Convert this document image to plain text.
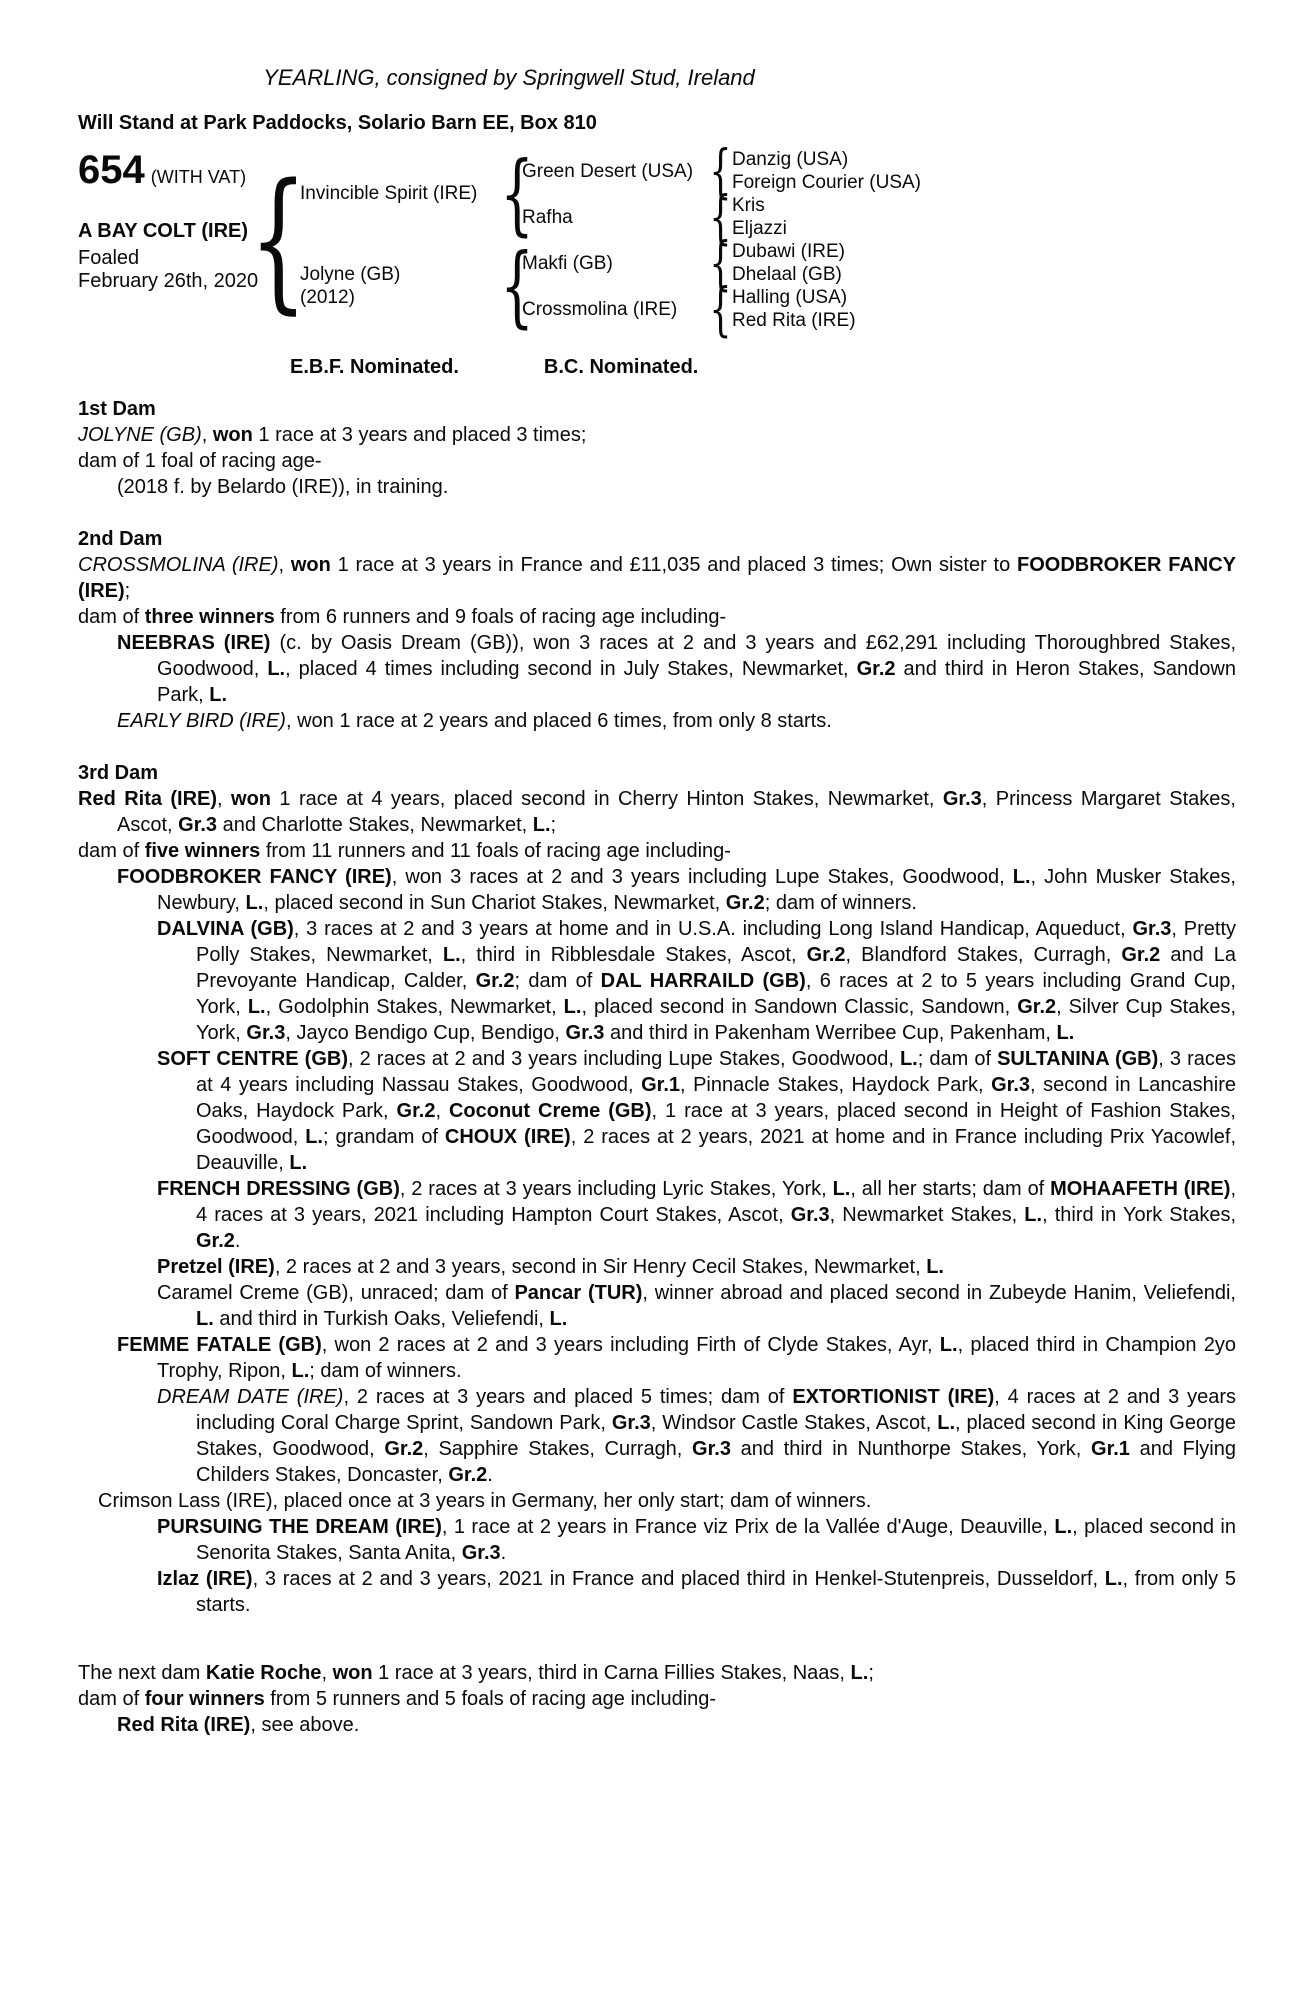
YEARLING, consigned by Springwell Stud, Ireland
Will Stand at Park Paddocks, Solario Barn EE, Box 810
654 (WITH VAT)
A BAY COLT (IRE)
Foaled
February 26th, 2020
{
{
{
{
{
{
{
Invincible Spirit (IRE)
Jolyne (GB)
(2012)
Green Desert (USA)
Rafha
Makfi (GB)
Crossmolina (IRE)
Danzig (USA)
Foreign Courier (USA)
Kris
Eljazzi
Dubawi (IRE)
Dhelaal (GB)
Halling (USA)
Red Rita (IRE)
E.B.F. Nominated.	B.C. Nominated.
1st Dam

JOLYNE (GB), won 1 race at 3 years and placed 3 times;

dam of 1 foal of racing age-

(2018 f. by Belardo (IRE)), in training.

2nd Dam

CROSSMOLINA (IRE), won 1 race at 3 years in France and £11,035 and placed 3 times; Own sister to FOODBROKER FANCY (IRE);

dam of three winners from 6 runners and 9 foals of racing age including-

NEEBRAS (IRE) (c. by Oasis Dream (GB)), won 3 races at 2 and 3 years and £62,291 including Thoroughbred Stakes, Goodwood, L., placed 4 times including second in July Stakes, Newmarket, Gr.2 and third in Heron Stakes, Sandown Park, L.

EARLY BIRD (IRE), won 1 race at 2 years and placed 6 times, from only 8 starts.

3rd Dam

Red Rita (IRE), won 1 race at 4 years, placed second in Cherry Hinton Stakes, Newmarket, Gr.3, Princess Margaret Stakes, Ascot, Gr.3 and Charlotte Stakes, Newmarket, L.;

dam of five winners from 11 runners and 11 foals of racing age including-

FOODBROKER FANCY (IRE), won 3 races at 2 and 3 years including Lupe Stakes, Goodwood, L., John Musker Stakes, Newbury, L., placed second in Sun Chariot Stakes, Newmarket, Gr.2; dam of winners.

DALVINA (GB), 3 races at 2 and 3 years at home and in U.S.A. including Long Island Handicap, Aqueduct, Gr.3, Pretty Polly Stakes, Newmarket, L., third in Ribblesdale Stakes, Ascot, Gr.2, Blandford Stakes, Curragh, Gr.2 and La Prevoyante Handicap, Calder, Gr.2; dam of DAL HARRAILD (GB), 6 races at 2 to 5 years including Grand Cup, York, L., Godolphin Stakes, Newmarket, L., placed second in Sandown Classic, Sandown, Gr.2, Silver Cup Stakes, York, Gr.3, Jayco Bendigo Cup, Bendigo, Gr.3 and third in Pakenham Werribee Cup, Pakenham, L.

SOFT CENTRE (GB), 2 races at 2 and 3 years including Lupe Stakes, Goodwood, L.; dam of SULTANINA (GB), 3 races at 4 years including Nassau Stakes, Goodwood, Gr.1, Pinnacle Stakes, Haydock Park, Gr.3, second in Lancashire Oaks, Haydock Park, Gr.2, Coconut Creme (GB), 1 race at 3 years, placed second in Height of Fashion Stakes, Goodwood, L.; grandam of CHOUX (IRE), 2 races at 2 years, 2021 at home and in France including Prix Yacowlef, Deauville, L.

FRENCH DRESSING (GB), 2 races at 3 years including Lyric Stakes, York, L., all her starts; dam of MOHAAFETH (IRE), 4 races at 3 years, 2021 including Hampton Court Stakes, Ascot, Gr.3, Newmarket Stakes, L., third in York Stakes, Gr.2.

Pretzel (IRE), 2 races at 2 and 3 years, second in Sir Henry Cecil Stakes, Newmarket, L.

Caramel Creme (GB), unraced; dam of Pancar (TUR), winner abroad and placed second in Zubeyde Hanim, Veliefendi, L. and third in Turkish Oaks, Veliefendi, L.

FEMME FATALE (GB), won 2 races at 2 and 3 years including Firth of Clyde Stakes, Ayr, L., placed third in Champion 2yo Trophy, Ripon, L.; dam of winners.

DREAM DATE (IRE), 2 races at 3 years and placed 5 times; dam of EXTORTIONIST (IRE), 4 races at 2 and 3 years including Coral Charge Sprint, Sandown Park, Gr.3, Windsor Castle Stakes, Ascot, L., placed second in King George Stakes, Goodwood, Gr.2, Sapphire Stakes, Curragh, Gr.3 and third in Nunthorpe Stakes, York, Gr.1 and Flying Childers Stakes, Doncaster, Gr.2.

Crimson Lass (IRE), placed once at 3 years in Germany, her only start; dam of winners.

PURSUING THE DREAM (IRE), 1 race at 2 years in France viz Prix de la Vallée d'Auge, Deauville, L., placed second in Senorita Stakes, Santa Anita, Gr.3.

Izlaz (IRE), 3 races at 2 and 3 years, 2021 in France and placed third in Henkel-Stutenpreis, Dusseldorf, L., from only 5 starts.

The next dam Katie Roche, won 1 race at 3 years, third in Carna Fillies Stakes, Naas, L.;

dam of four winners from 5 runners and 5 foals of racing age including-

Red Rita (IRE), see above.
